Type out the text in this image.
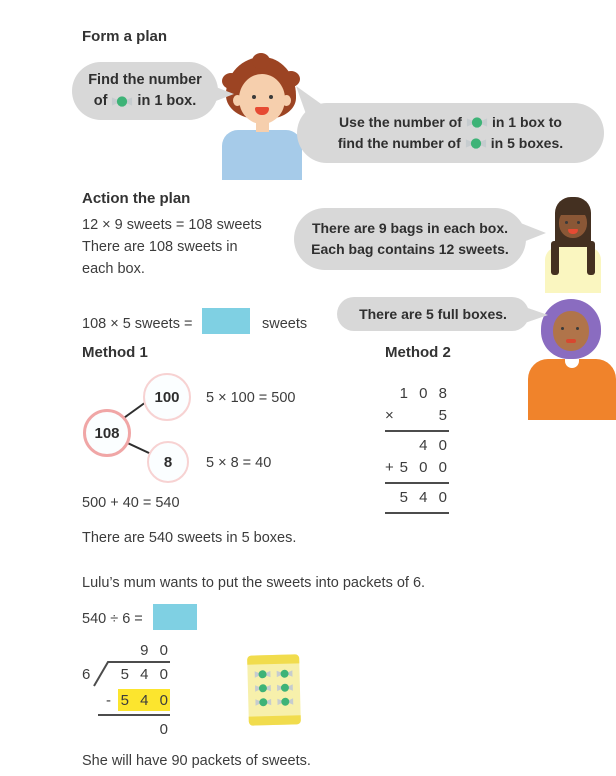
Form a plan
Find the number
of in 1 box.
Use the number of in 1 box to
find the number of in 5 boxes.
Action the plan
12 × 9 sweets = 108 sweets
There are 108 sweets in
each box.
There are 9 bags in each box.
Each bag contains 12 sweets.
108 × 5 sweets =	sweets
There are 5 full boxes.
Method 1	Method 2
108
100
8
5 × 100 = 500
5 × 8 = 40
500 + 40 = 540
1 0 8
×	5
4 0
+ 5 0 0
5 4 0
There are 540 sweets in 5 boxes.
Lulu’s mum wants to put the sweets into packets of 6.
540 ÷ 6 =
9 0
6	5 4 0
- 5 4 0
0
She will have 90 packets of sweets.
